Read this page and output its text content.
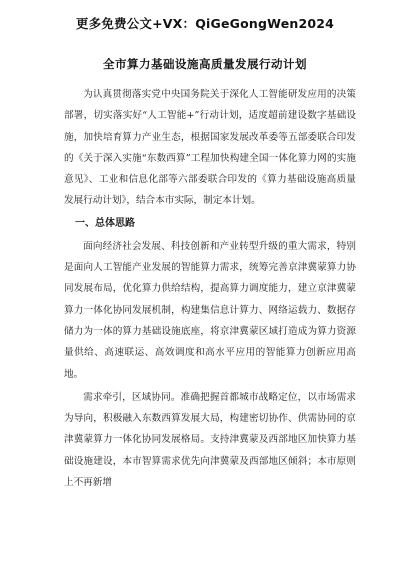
更多免费公文+VX：QiGeGongWen2024
全市算力基础设施高质量发展行动计划

为认真贯彻落实党中央国务院关于深化人工智能研发应用的决策部署，切实落实好“人工智能+”行动计划，适度超前建设数字基础设施，加快培育算力产业生态，根据国家发展改革委等五部委联合印发的《关于深入实施“东数西算”工程加快构建全国一体化算力网的实施意见》、工业和信息化部等六部委联合印发的《算力基础设施高质量发展行动计划》，结合本市实际，制定本计划。

一、总体思路

面向经济社会发展、科技创新和产业转型升级的重大需求，特别是面向人工智能产业发展的智能算力需求，统筹完善京津冀蒙算力协同发展布局，优化算力供给结构，提高算力调度能力，建立京津冀蒙算力一体化协同发展机制，构建集信息计算力、网络运载力、数据存储力为一体的算力基础设施底座，将京津冀蒙区域打造成为算力资源量供给、高速联运、高效调度和高水平应用的智能算力创新应用高地。

需求牵引，区域协同。准确把握首都城市战略定位，以市场需求为导向，积极融入东数西算发展大局，构建密切协作、供需协同的京津冀蒙算力一体化协同发展格局。支持津冀蒙及西部地区加快算力基础设施建设，本市智算需求优先向津冀蒙及西部地区倾斜；本市原则上不再新增
